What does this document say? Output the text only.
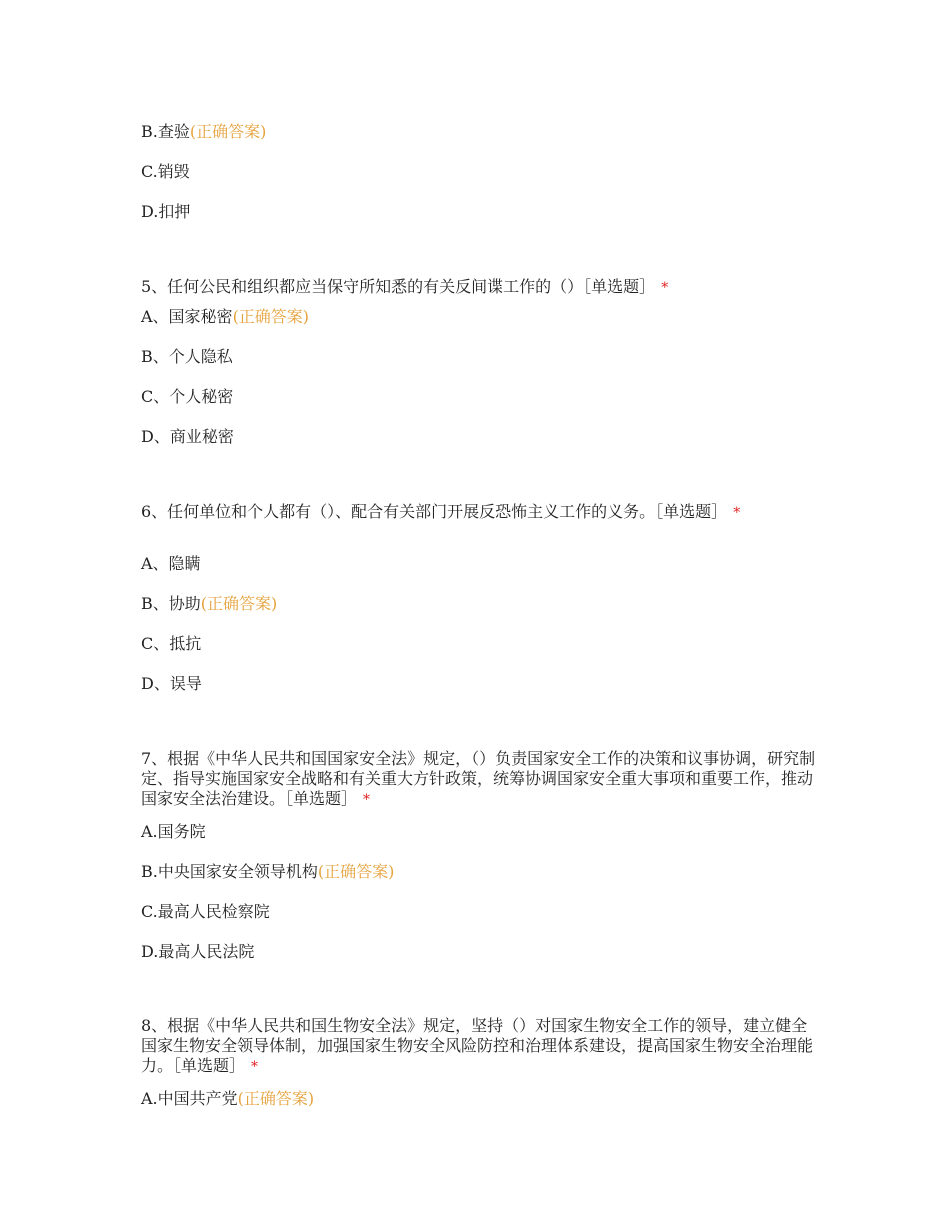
B.查验(正确答案)
C.销毁
D.扣押
5、任何公民和组织都应当保守所知悉的有关反间谍工作的（）［单选题］ *
A、国家秘密(正确答案)
B、个人隐私
C、个人秘密
D、商业秘密
6、任何单位和个人都有（）、配合有关部门开展反恐怖主义工作的义务。［单选题］ *
A、隐瞒
B、协助(正确答案)
C、抵抗
D、误导
7、根据《中华人民共和国国家安全法》规定，（）负责国家安全工作的决策和议事协调，研究制定、指导实施国家安全战略和有关重大方针政策，统筹协调国家安全重大事项和重要工作，推动国家安全法治建设。［单选题］ *
A.国务院
B.中央国家安全领导机构(正确答案)
C.最高人民检察院
D.最高人民法院
8、根据《中华人民共和国生物安全法》规定，坚持（）对国家生物安全工作的领导，建立健全国家生物安全领导体制，加强国家生物安全风险防控和治理体系建设，提高国家生物安全治理能力。［单选题］ *
A.中国共产党(正确答案)
